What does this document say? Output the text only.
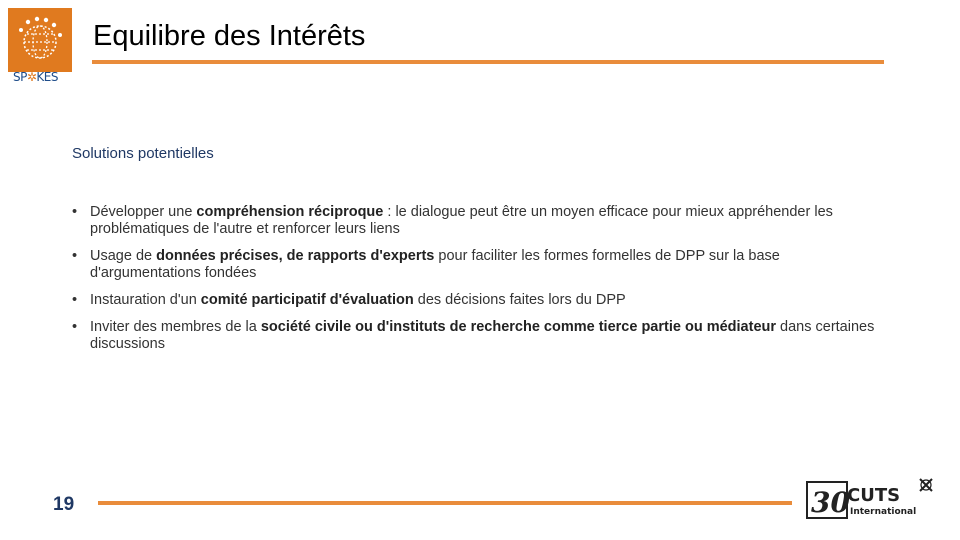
SP✲KES
Equilibre des Intérêts
Solutions potentielles
• Développer une compréhension réciproque : le dialogue peut être un moyen efficace pour mieux appréhender les problématiques de l'autre et renforcer leurs liens
• Usage de données précises, de rapports d'experts pour faciliter les formes formelles de DPP sur la base d'argumentations fondées
• Instauration d'un comité participatif d'évaluation des décisions faites lors du DPP
• Inviter des membres de la société civile ou d'instituts de recherche comme tierce partie ou médiateur dans certaines discussions
19	30
CUTS
International
